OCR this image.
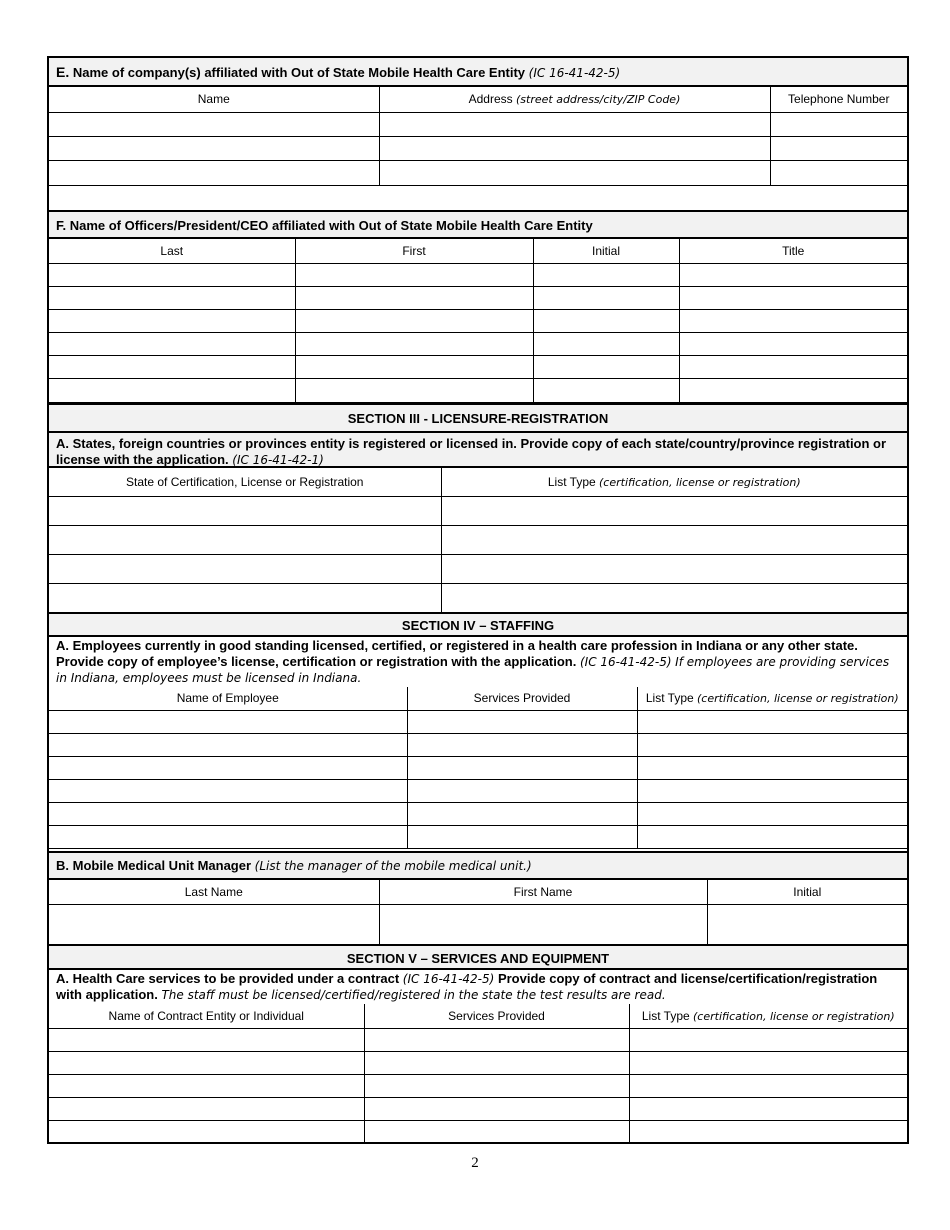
E. Name of company(s) affiliated with Out of State Mobile Health Care Entity (IC 16-41-42-5)
Name	Address (street address/city/ZIP Code)	Telephone Number

F. Name of Officers/President/CEO affiliated with Out of State Mobile Health Care Entity
Last	First	Initial	Title

SECTION III - LICENSURE-REGISTRATION
A. States, foreign countries or provinces entity is registered or licensed in. Provide copy of each state/country/province registration or license with the application. (IC 16-41-42-1)
State of Certification, License or Registration	List Type (certification, license or registration)

SECTION IV – STAFFING
A. Employees currently in good standing licensed, certified, or registered in a health care profession in Indiana or any other state. Provide copy of employee’s license, certification or registration with the application. (IC 16-41-42-5) If employees are providing services in Indiana, employees must be licensed in Indiana.
Name of Employee	Services Provided	List Type (certification, license or registration)

B. Mobile Medical Unit Manager (List the manager of the mobile medical unit.)
Last Name	First Name	Initial

SECTION V – SERVICES AND EQUIPMENT
A. Health Care services to be provided under a contract (IC 16-41-42-5) Provide copy of contract and license/certification/registration with application. The staff must be licensed/certified/registered in the state the test results are read.
Name of Contract Entity or Individual	Services Provided	List Type (certification, license or registration)

2
